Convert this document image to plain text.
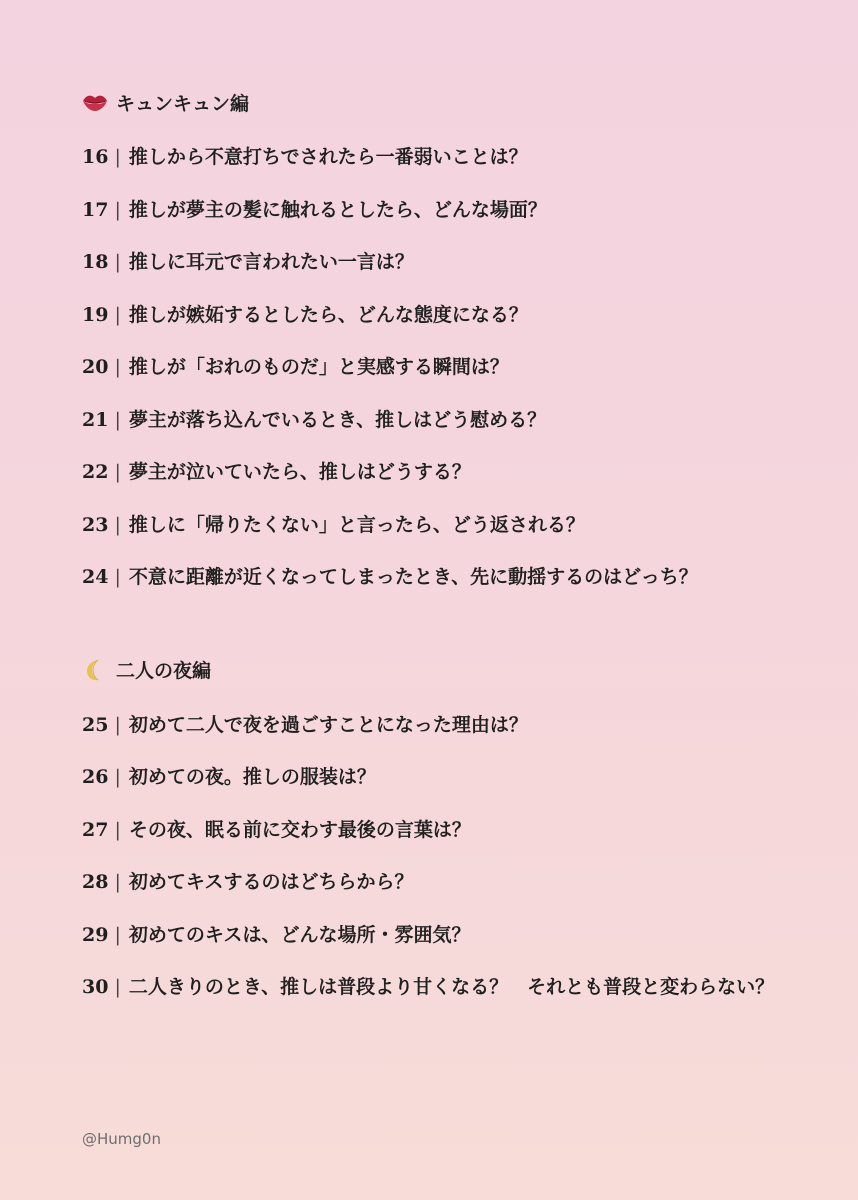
キュンキュン編
16 | 推しから不意打ちでされたら一番弱いことは？
17 | 推しが夢主の髪に触れるとしたら、どんな場面？
18 | 推しに耳元で言われたい一言は？
19 | 推しが嫉妬するとしたら、どんな態度になる？
20 | 推しが「おれのものだ」と実感する瞬間は？
21 | 夢主が落ち込んでいるとき、推しはどう慰める？
22 | 夢主が泣いていたら、推しはどうする？
23 | 推しに「帰りたくない」と言ったら、どう返される？
24 | 不意に距離が近くなってしまったとき、先に動揺するのはどっち？
二人の夜編
25 | 初めて二人で夜を過ごすことになった理由は？
26 | 初めての夜。推しの服装は？
27 | その夜、眠る前に交わす最後の言葉は？
28 | 初めてキスするのはどちらから？
29 | 初めてのキスは、どんな場所・雰囲気？
30 | 二人きりのとき、推しは普段より甘くなる？　それとも普段と変わらない？
@Humg0n
